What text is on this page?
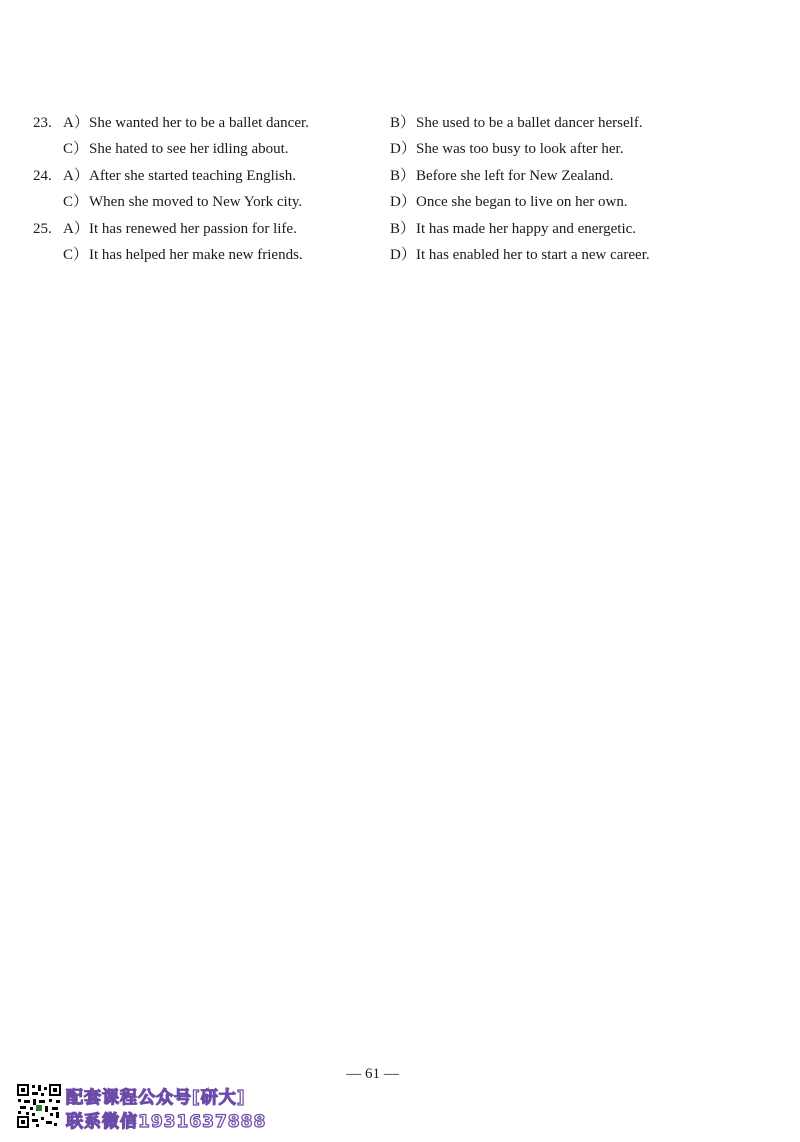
23. A） She wanted her to be a ballet dancer.	B） She used to be a ballet dancer herself.
C） She hated to see her idling about.	D） She was too busy to look after her.
24. A） After she started teaching English.	B） Before she left for New Zealand.
C） When she moved to New York city.	D） Once she began to live on her own.
25. A） It has renewed her passion for life.	B） It has made her happy and energetic.
C） It has helped her make new friends.	D） It has enabled her to start a new career.
— 61 —
配套课程公众号[研大]
联系微信1931637888
